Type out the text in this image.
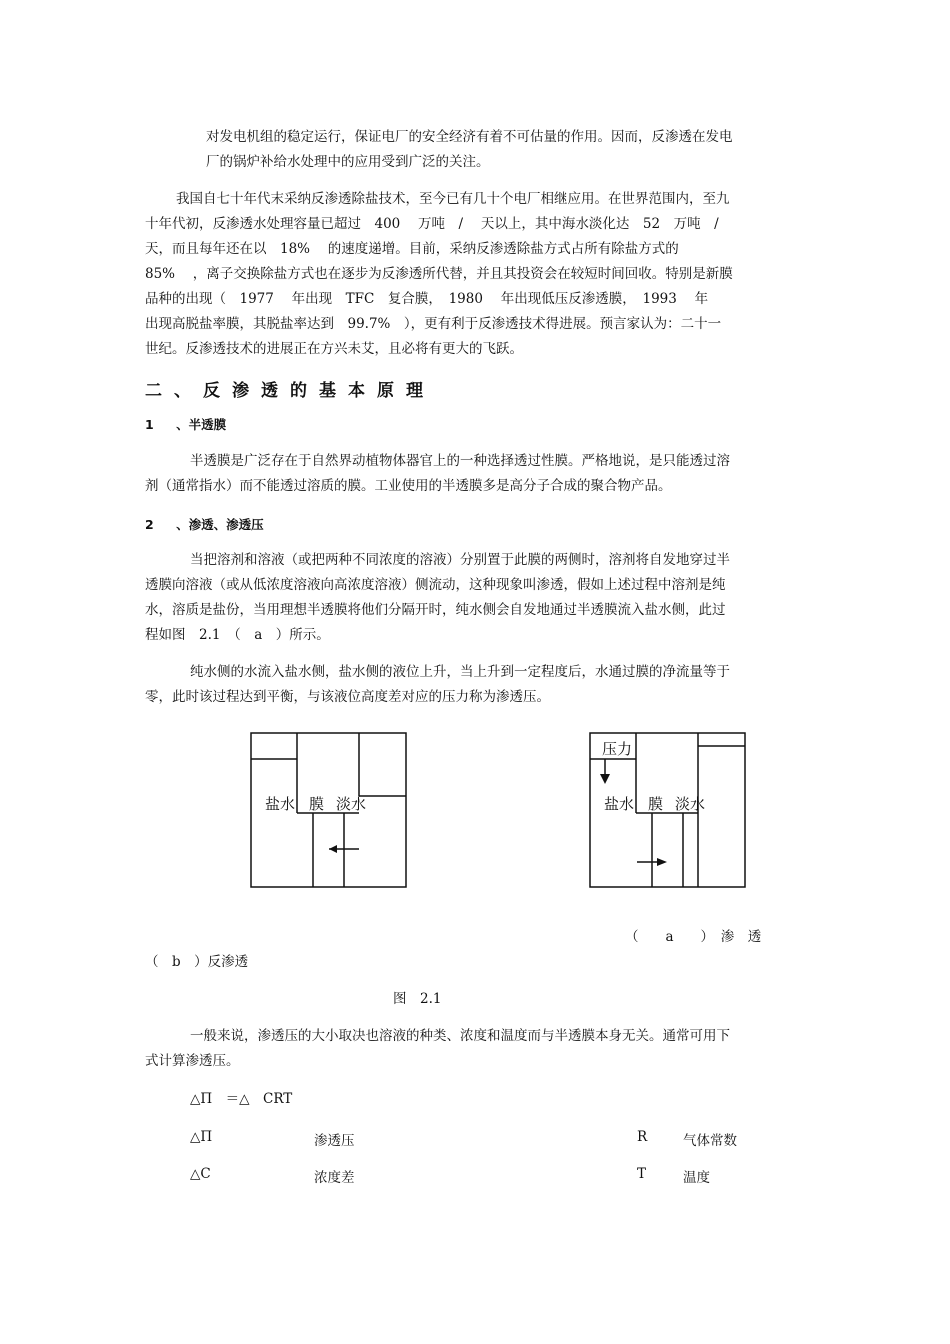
对发电机组的稳定运行，保证电厂的安全经济有着不可估量的作用。因而，反渗透在发电

厂的锅炉补给水处理中的应用受到广泛的关注。

我国自七十年代末采纳反渗透除盐技术，至今已有几十个电厂相继应用。在世界范围内，至九

十年代初，反渗透水处理容量已超过　400　 万吨　/　 天以上，其中海水淡化达　52　万吨　/

天，而且每年还在以　18%　 的速度递增。目前，采纳反渗透除盐方式占所有除盐方式的

85%　 ，离子交换除盐方式也在逐步为反渗透所代替，并且其投资会在较短时间回收。特别是新膜

品种的出现（　1977　 年出现　TFC　复合膜，　1980　 年出现低压反渗透膜，　1993　 年

出现高脱盐率膜，其脱盐率达到　99.7%　），更有利于反渗透技术得进展。预言家认为：二十一

世纪。反渗透技术的进展正在方兴未艾，且必将有更大的飞跃。

二、反渗透的基本原理
1 、半透膜

半透膜是广泛存在于自然界动植物体器官上的一种选择透过性膜。严格地说，是只能透过溶

剂（通常指水）而不能透过溶质的膜。工业使用的半透膜多是高分子合成的聚合物产品。

2 、渗透、渗透压

当把溶剂和溶液（或把两种不同浓度的溶液）分别置于此膜的两侧时，溶剂将自发地穿过半

透膜向溶液（或从低浓度溶液向高浓度溶液）侧流动，这种现象叫渗透，假如上述过程中溶剂是纯

水，溶质是盐份，当用理想半透膜将他们分隔开时，纯水侧会自发地通过半透膜流入盐水侧，此过

程如图　2.1　（　a　）所示。

纯水侧的水流入盐水侧，盐水侧的液位上升，当上升到一定程度后，水通过膜的净流量等于

零，此时该过程达到平衡，与该液位高度差对应的压力称为渗透压。

盐水 膜 淡水
压力
盐水 膜 淡水

（　　a　　）　渗　透

（　b　）反渗透

图　2.1

一般来说，渗透压的大小取决也溶液的种类、浓度和温度而与半透膜本身无关。通常可用下

式计算渗透压。

△Π　＝△　CRT

△Π	渗透压	R	气体常数
△C	浓度差	T	温度
